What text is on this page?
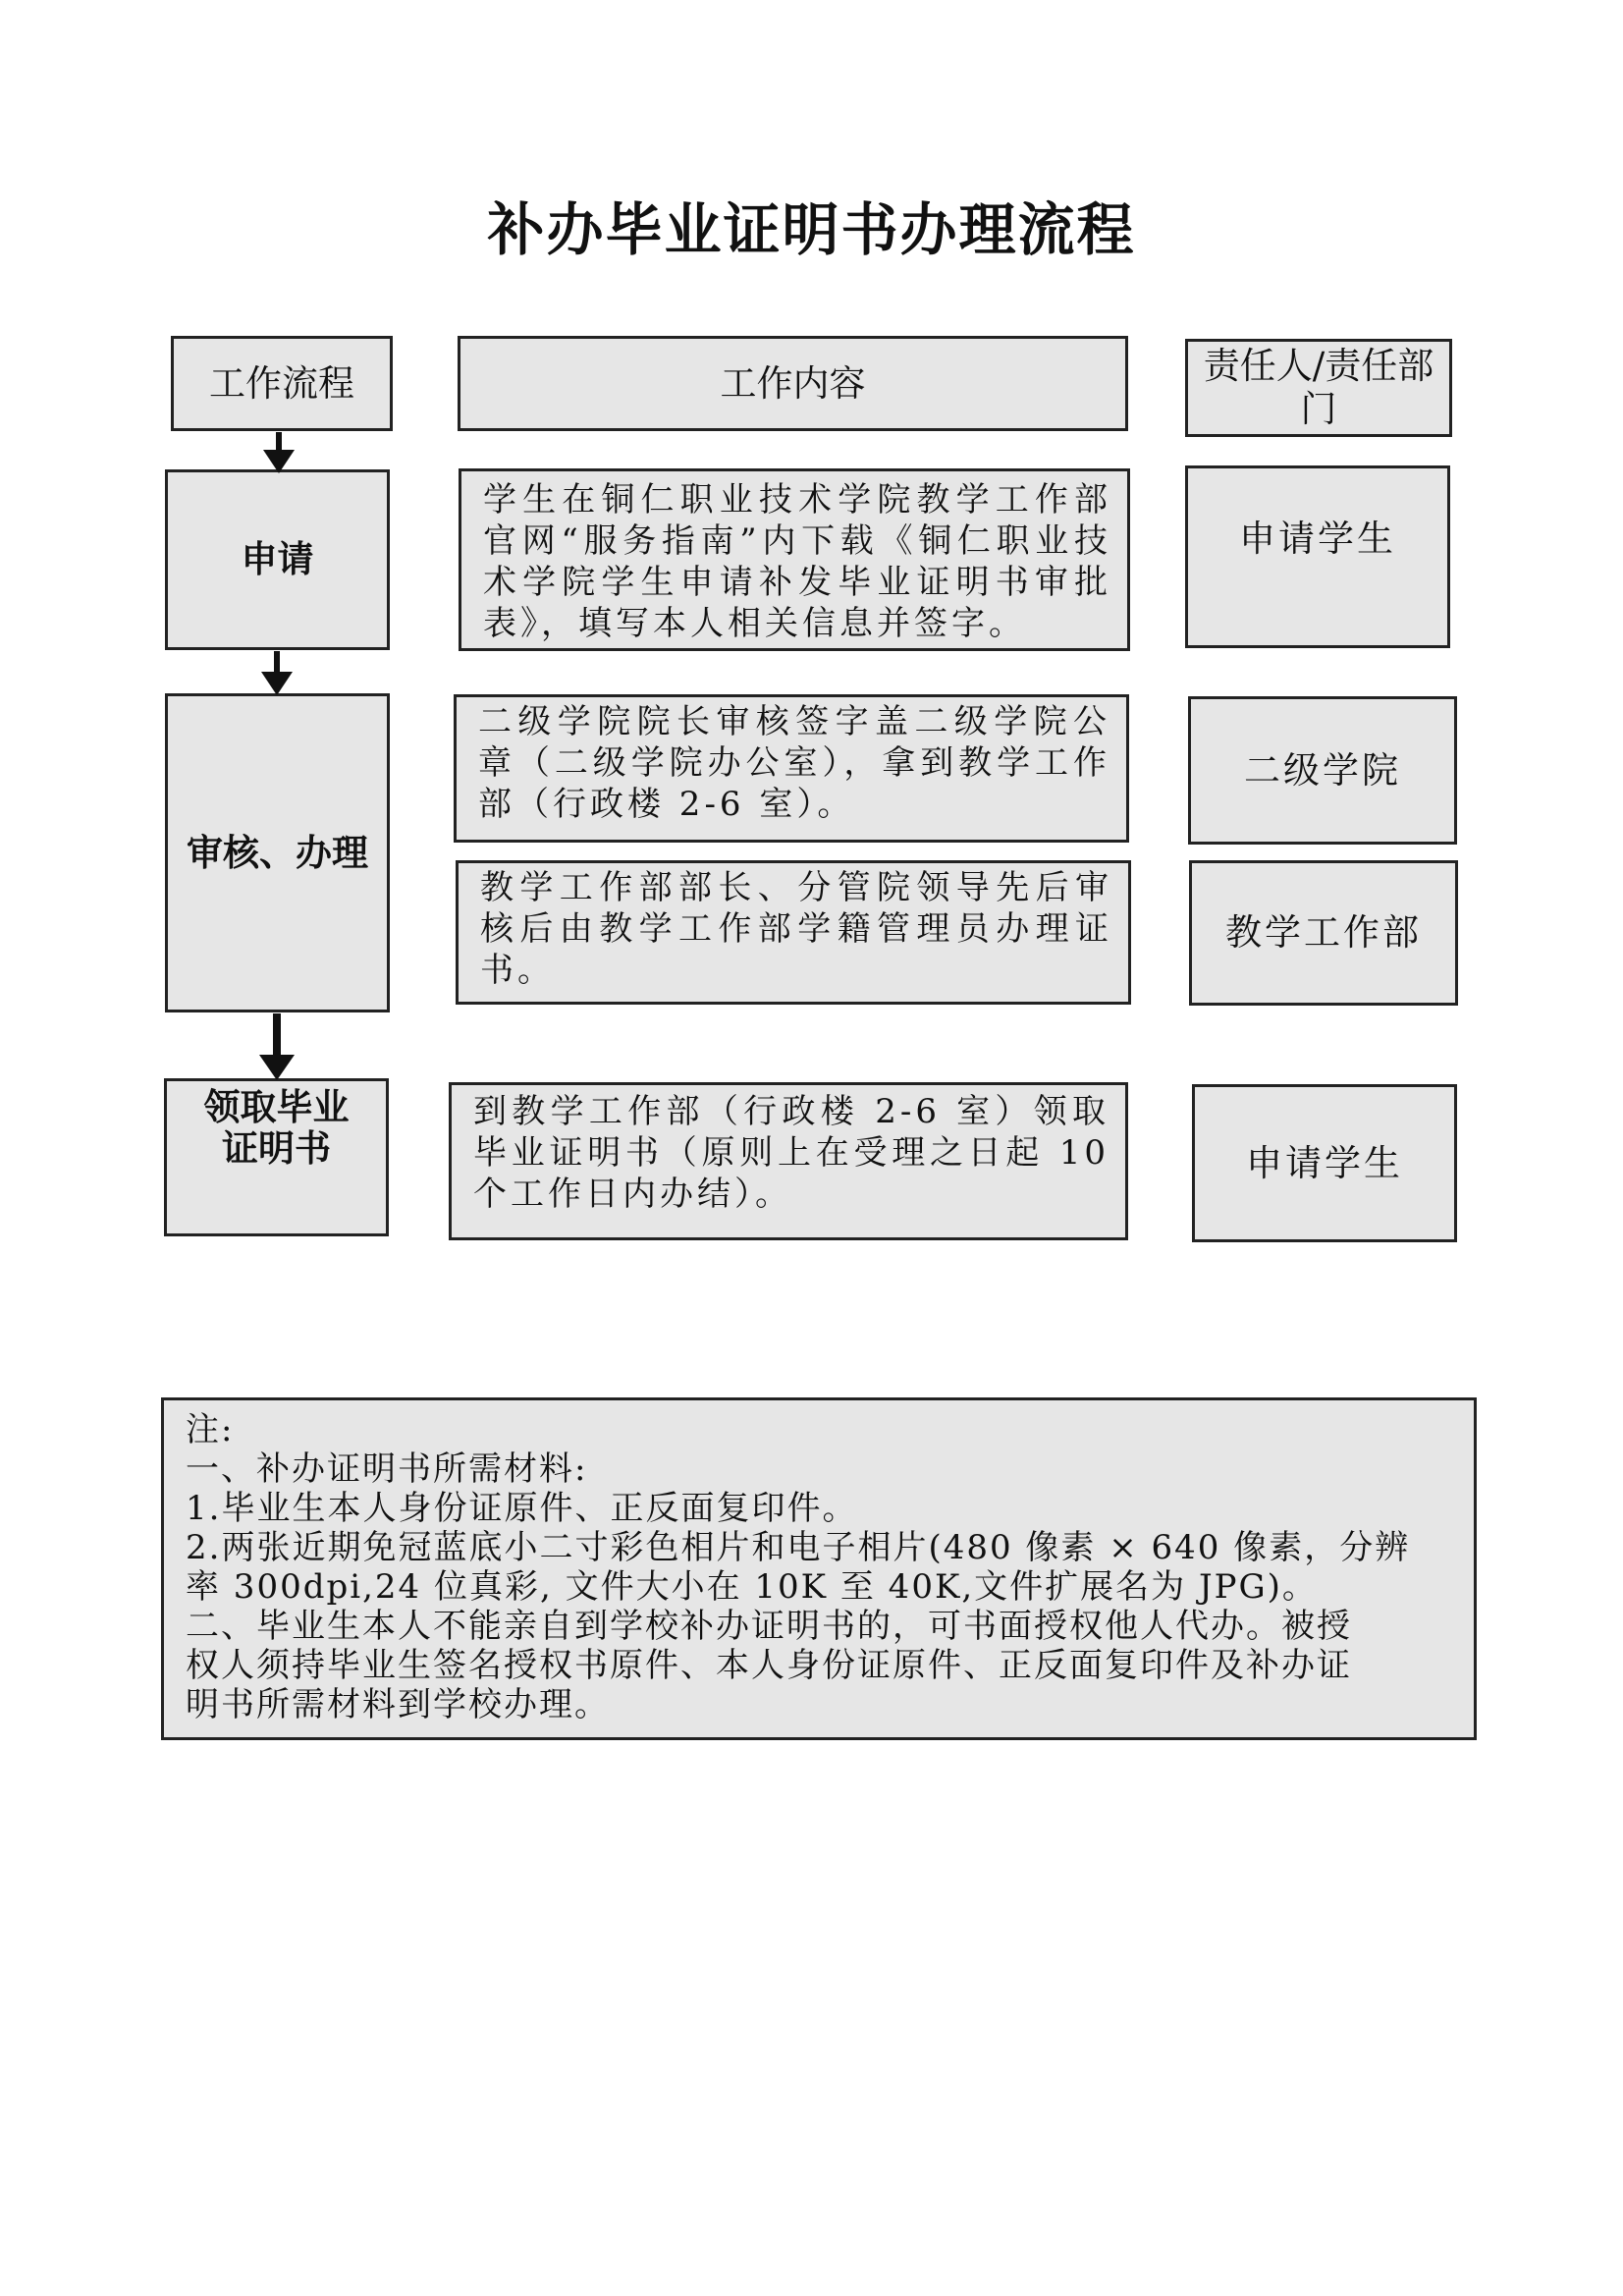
补办毕业证明书办理流程
工作流程	工作内容	责任人/责任部门
申请
学生在铜仁职业技术学院教学工作部官网“服务指南”内下载《铜仁职业技术学院学生申请补发毕业证明书审批表》，填写本人相关信息并签字。
申请学生
审核、办理
二级学院院长审核签字盖二级学院公章（二级学院办公室），拿到教学工作部（行政楼 2-6 室）。
二级学院
教学工作部部长、分管院领导先后审核后由教学工作部学籍管理员办理证书。
教学工作部
领取毕业证明书
到教学工作部（行政楼 2-6 室）领取毕业证明书（原则上在受理之日起 10 个工作日内办结）。
申请学生
注:
一、补办证明书所需材料:
1.毕业生本人身份证原件、正反面复印件。
2.两张近期免冠蓝底小二寸彩色相片和电子相片(480 像素 × 640 像素，分辨
率 300dpi,24 位真彩, 文件大小在 10K 至 40K,文件扩展名为 JPG)。
二、毕业生本人不能亲自到学校补办证明书的，可书面授权他人代办。被授
权人须持毕业生签名授权书原件、本人身份证原件、正反面复印件及补办证
明书所需材料到学校办理。
